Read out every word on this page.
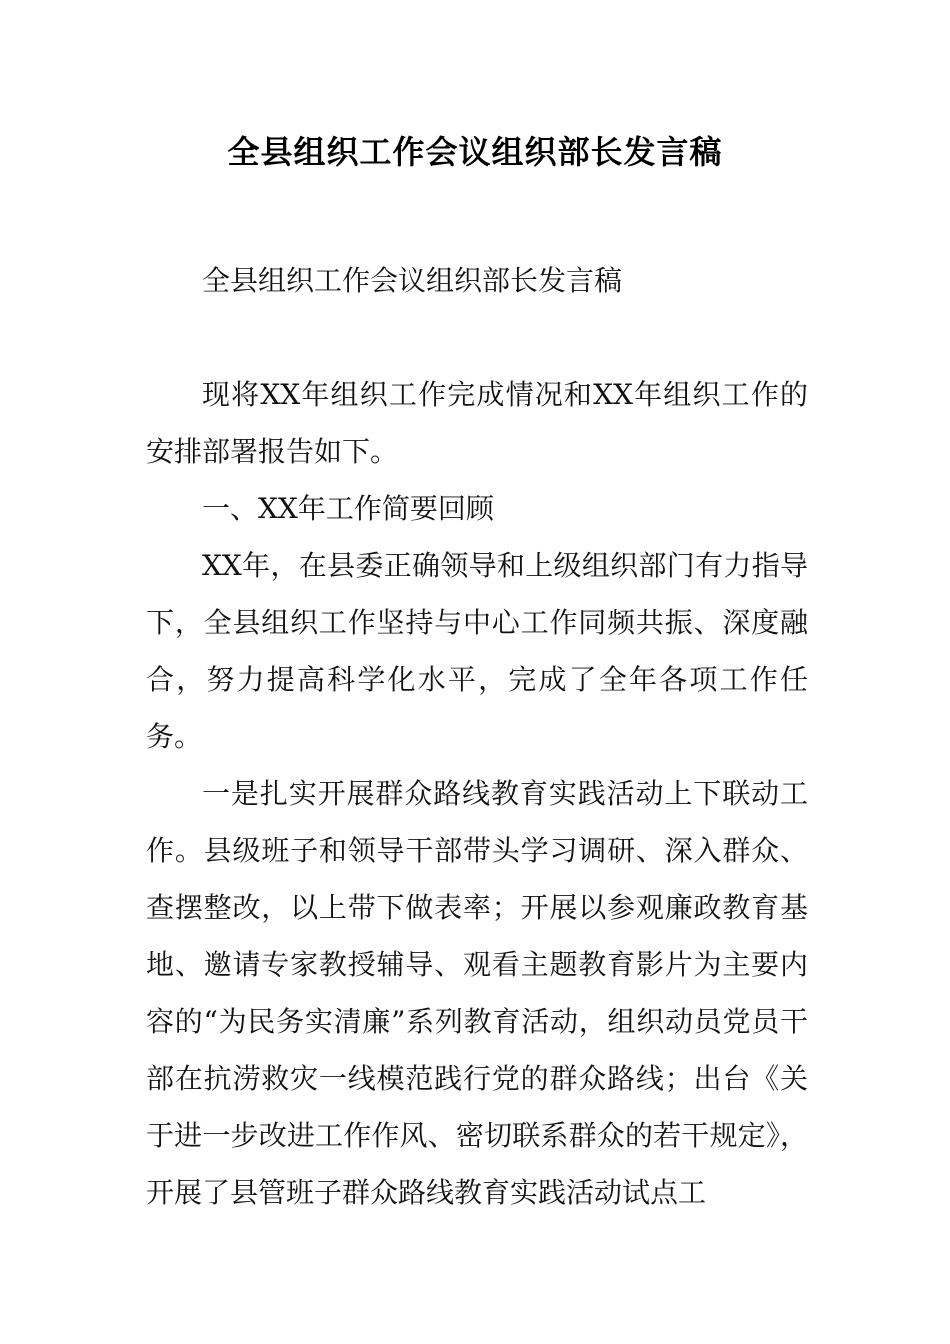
全县组织工作会议组织部长发言稿

全县组织工作会议组织部长发言稿

现将XX年组织工作完成情况和XX年组织工作的安排部署报告如下。

一、XX年工作简要回顾

XX年，在县委正确领导和上级组织部门有力指导下，全县组织工作坚持与中心工作同频共振、深度融合，努力提高科学化水平，完成了全年各项工作任务。

一是扎实开展群众路线教育实践活动上下联动工作。县级班子和领导干部带头学习调研、深入群众、查摆整改，以上带下做表率；开展以参观廉政教育基地、邀请专家教授辅导、观看主题教育影片为主要内容的“为民务实清廉”系列教育活动，组织动员党员干部在抗涝救灾一线模范践行党的群众路线；出台《关于进一步改进工作作风、密切联系群众的若干规定》，开展了县管班子群众路线教育实践活动试点工
